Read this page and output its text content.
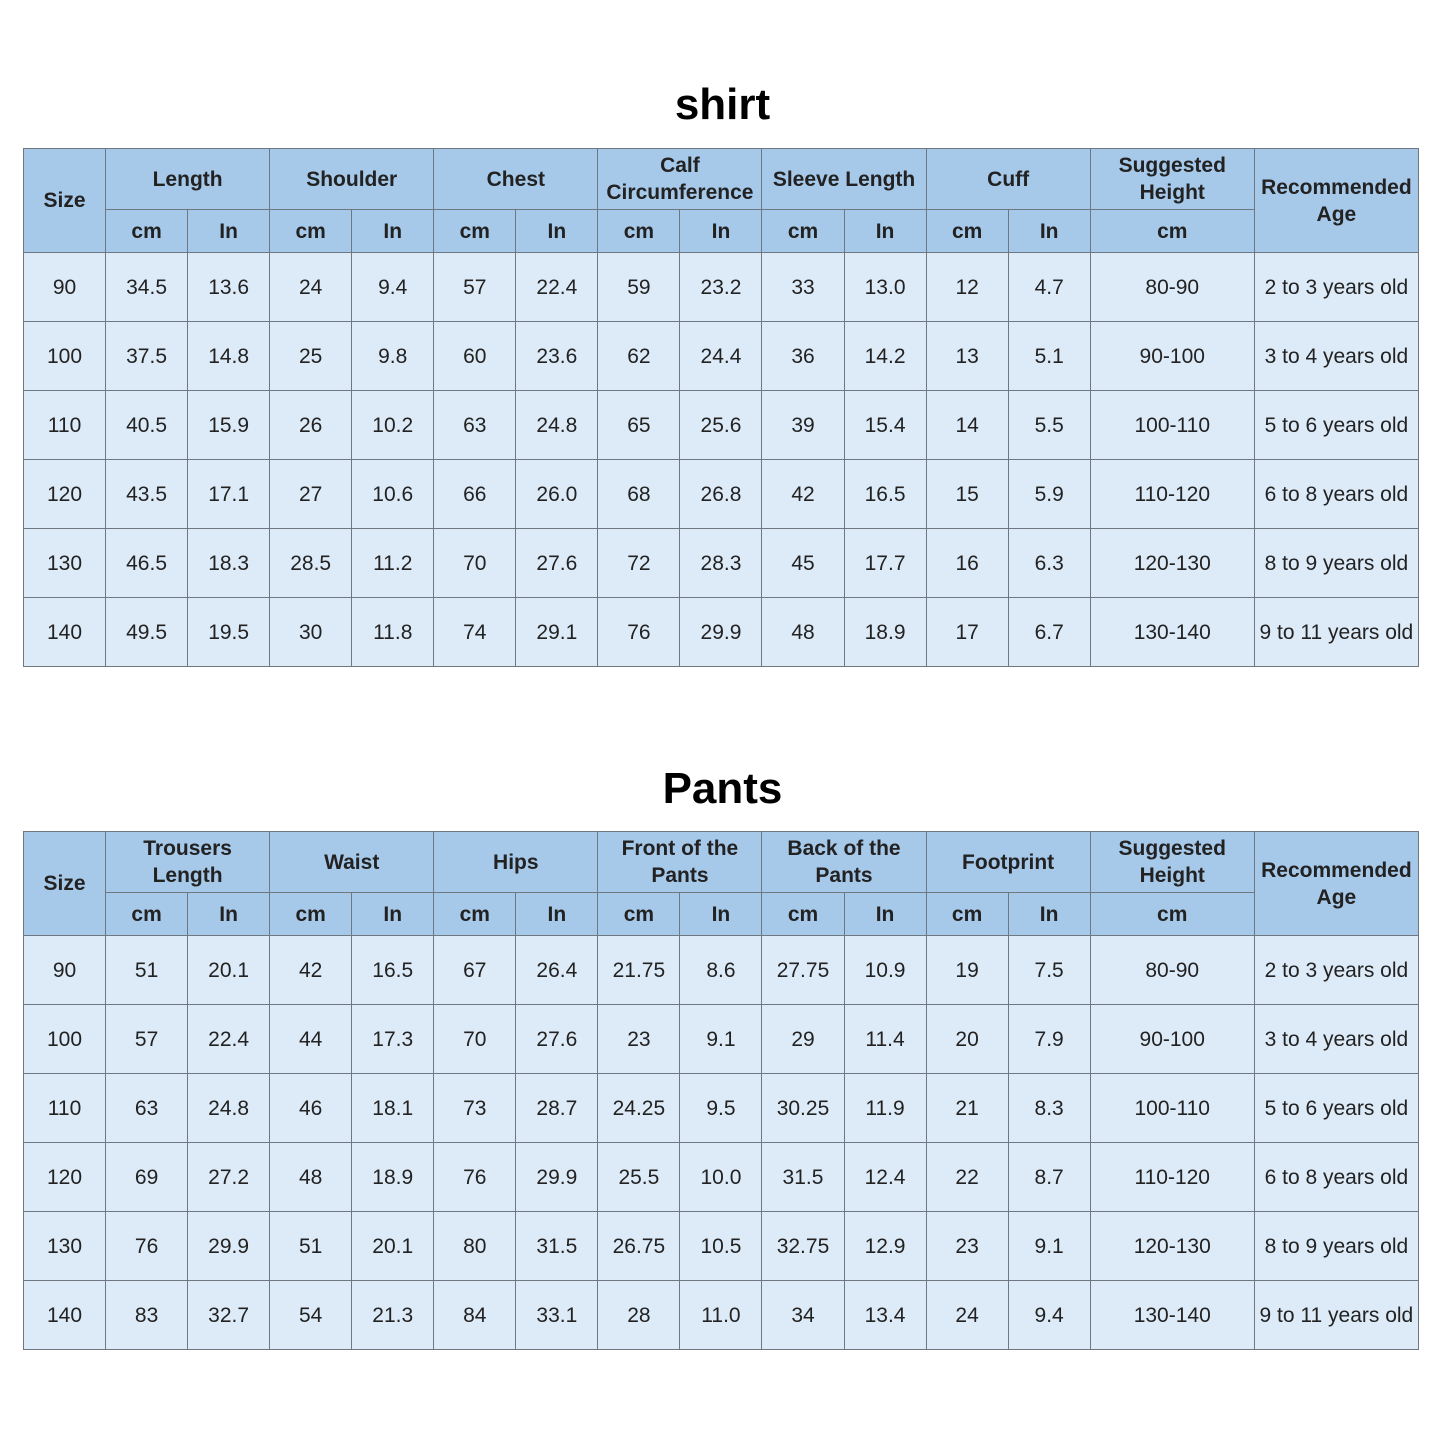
shirt
Size	Length		Shoulder		Chest		Calf Circumference		Sleeve Length		Cuff		Suggested Height	Recommended Age
	cm	In	cm	In	cm	In	cm	In	cm	In	cm	In	cm	
90	34.5	13.6	24	9.4	57	22.4	59	23.2	33	13.0	12	4.7	80-90	2 to 3 years old
100	37.5	14.8	25	9.8	60	23.6	62	24.4	36	14.2	13	5.1	90-100	3 to 4 years old
110	40.5	15.9	26	10.2	63	24.8	65	25.6	39	15.4	14	5.5	100-110	5 to 6 years old
120	43.5	17.1	27	10.6	66	26.0	68	26.8	42	16.5	15	5.9	110-120	6 to 8 years old
130	46.5	18.3	28.5	11.2	70	27.6	72	28.3	45	17.7	16	6.3	120-130	8 to 9 years old
140	49.5	19.5	30	11.8	74	29.1	76	29.9	48	18.9	17	6.7	130-140	9 to 11 years old
Pants
Size	Trousers Length		Waist		Hips		Front of the Pants		Back of the Pants		Footprint		Suggested Height	Recommended Age
	cm	In	cm	In	cm	In	cm	In	cm	In	cm	In	cm	
90	51	20.1	42	16.5	67	26.4	21.75	8.6	27.75	10.9	19	7.5	80-90	2 to 3 years old
100	57	22.4	44	17.3	70	27.6	23	9.1	29	11.4	20	7.9	90-100	3 to 4 years old
110	63	24.8	46	18.1	73	28.7	24.25	9.5	30.25	11.9	21	8.3	100-110	5 to 6 years old
120	69	27.2	48	18.9	76	29.9	25.5	10.0	31.5	12.4	22	8.7	110-120	6 to 8 years old
130	76	29.9	51	20.1	80	31.5	26.75	10.5	32.75	12.9	23	9.1	120-130	8 to 9 years old
140	83	32.7	54	21.3	84	33.1	28	11.0	34	13.4	24	9.4	130-140	9 to 11 years old
